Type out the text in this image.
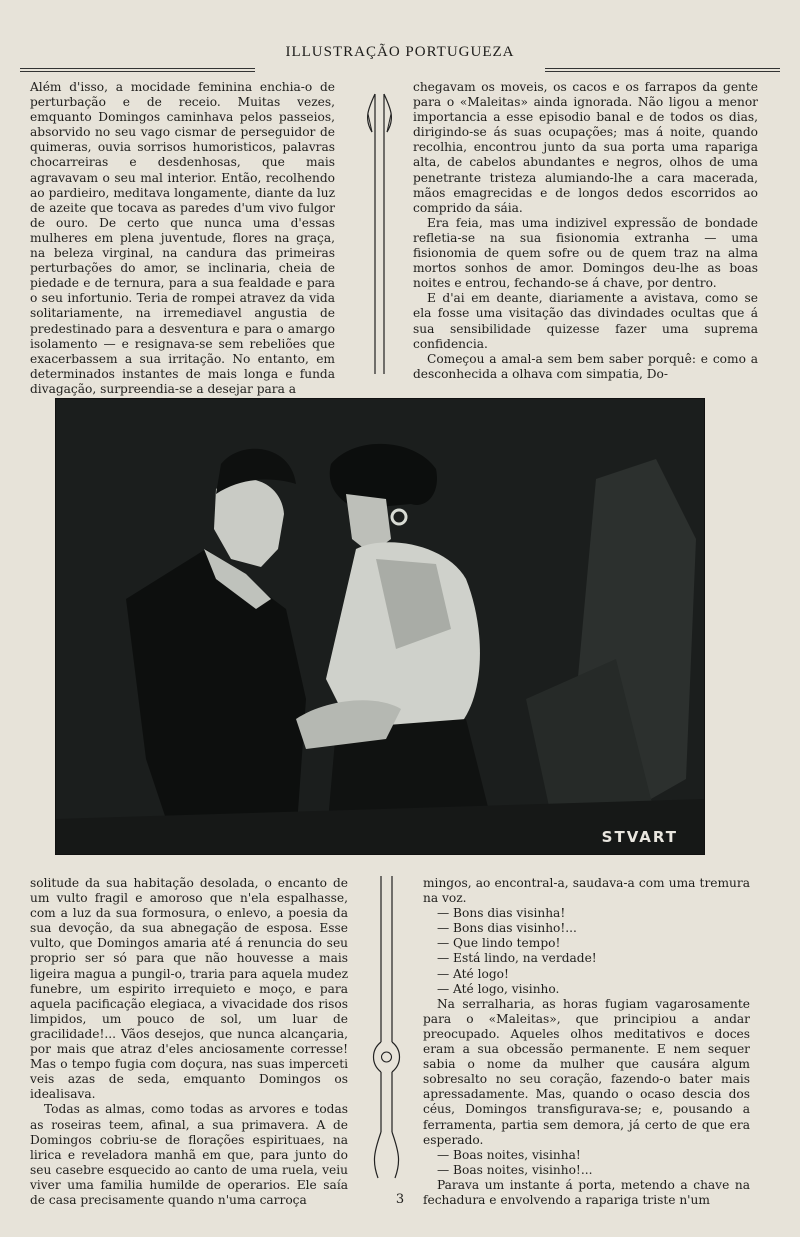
ILLUSTRAÇÃO PORTUGUEZA

Além d'isso, a mocidade feminina enchia-o de perturbação e de receio. Muitas vezes, emquanto Domingos caminhava pelos passeios, absorvido no seu vago cismar de perseguidor de quimeras, ouvia sorrisos humoristicos, palavras chocarreiras e desdenhosas, que mais agravavam o seu mal interior. Então, recolhendo ao pardieiro, meditava longamente, diante da luz de azeite que tocava as paredes d'um vivo fulgor de ouro. De certo que nunca uma d'essas mulheres em plena juventude, flores na graça, na beleza virginal, na candura das primeiras perturbações do amor, se inclinaria, cheia de piedade e de ternura, para a sua fealdade e para o seu infortunio. Teria de rompei atravez da vida solitariamente, na irremediavel angustia de predestinado para a desventura e para o amargo isolamento — e resignava-se sem rebeliões que exacerbassem a sua irritação. No entanto, em determinados instantes de mais longa e funda divagação, surpreendia-se a desejar para a

chegavam os moveis, os cacos e os farrapos da gente para o «Maleitas» ainda ignorada. Não ligou a menor importancia a esse episodio banal e de todos os dias, dirigindo-se ás suas ocupações; mas á noite, quando recolhia, encontrou junto da sua porta uma rapariga alta, de cabelos abundantes e negros, olhos de uma penetrante tristeza alumiando-lhe a cara macerada, mãos emagrecidas e de longos dedos escorridos ao comprido da sáia.

Era feia, mas uma indizivel expressão de bondade refletia-se na sua fisionomia extranha — uma fisionomia de quem sofre ou de quem traz na alma mortos sonhos de amor. Domingos deu-lhe as boas noites e entrou, fechando-se á chave, por dentro.

E d'ai em deante, diariamente a avistava, como se ela fosse uma visitação das divindades ocultas que á sua sensibilidade quizesse fazer uma suprema confidencia.

Começou a amal-a sem bem saber porquê: e como a desconhecida a olhava com simpatia, Do-

STVART

solitude da sua habitação desolada, o encanto de um vulto fragil e amoroso que n'ela espalhasse, com a luz da sua formosura, o enlevo, a poesia da sua devoção, da sua abnegação de esposa. Esse vulto, que Domingos amaria até á renuncia do seu proprio ser só para que não houvesse a mais ligeira magua a pungil-o, traria para aquela mudez funebre, um espirito irrequieto e moço, e para aquela pacificação elegiaca, a vivacidade dos risos limpidos, um pouco de sol, um luar de gracilidade!... Vãos desejos, que nunca alcançaria, por mais que atraz d'eles anciosamente corresse! Mas o tempo fugia com doçura, nas suas imperceti veis azas de seda, emquanto Domingos os idealisava.

Todas as almas, como todas as arvores e todas as roseiras teem, afinal, a sua primavera. A de Domingos cobriu-se de florações espirituaes, na lirica e reveladora manhã em que, para junto do seu casebre esquecido ao canto de uma ruela, veiu viver uma familia humilde de operarios. Ele saía de casa precisamente quando n'uma carroça

mingos, ao encontral-a, saudava-a com uma tremura na voz.

— Bons dias visinha!

— Bons dias visinho!...

— Que lindo tempo!

— Está lindo, na verdade!

— Até logo!

— Até logo, visinho.

Na serralharia, as horas fugiam vagarosamente para o «Maleitas», que principiou a andar preocupado. Aqueles olhos meditativos e doces eram a sua obcessão permanente. E nem sequer sabia o nome da mulher que causára algum sobresalto no seu coração, fazendo-o bater mais apressadamente. Mas, quando o ocaso descia dos céus, Domingos transfigurava-se; e, pousando a ferramenta, partia sem demora, já certo de que era esperado.

— Boas noites, visinha!

— Boas noites, visinho!...

Parava um instante á porta, metendo a chave na fechadura e envolvendo a rapariga triste n'um

3
